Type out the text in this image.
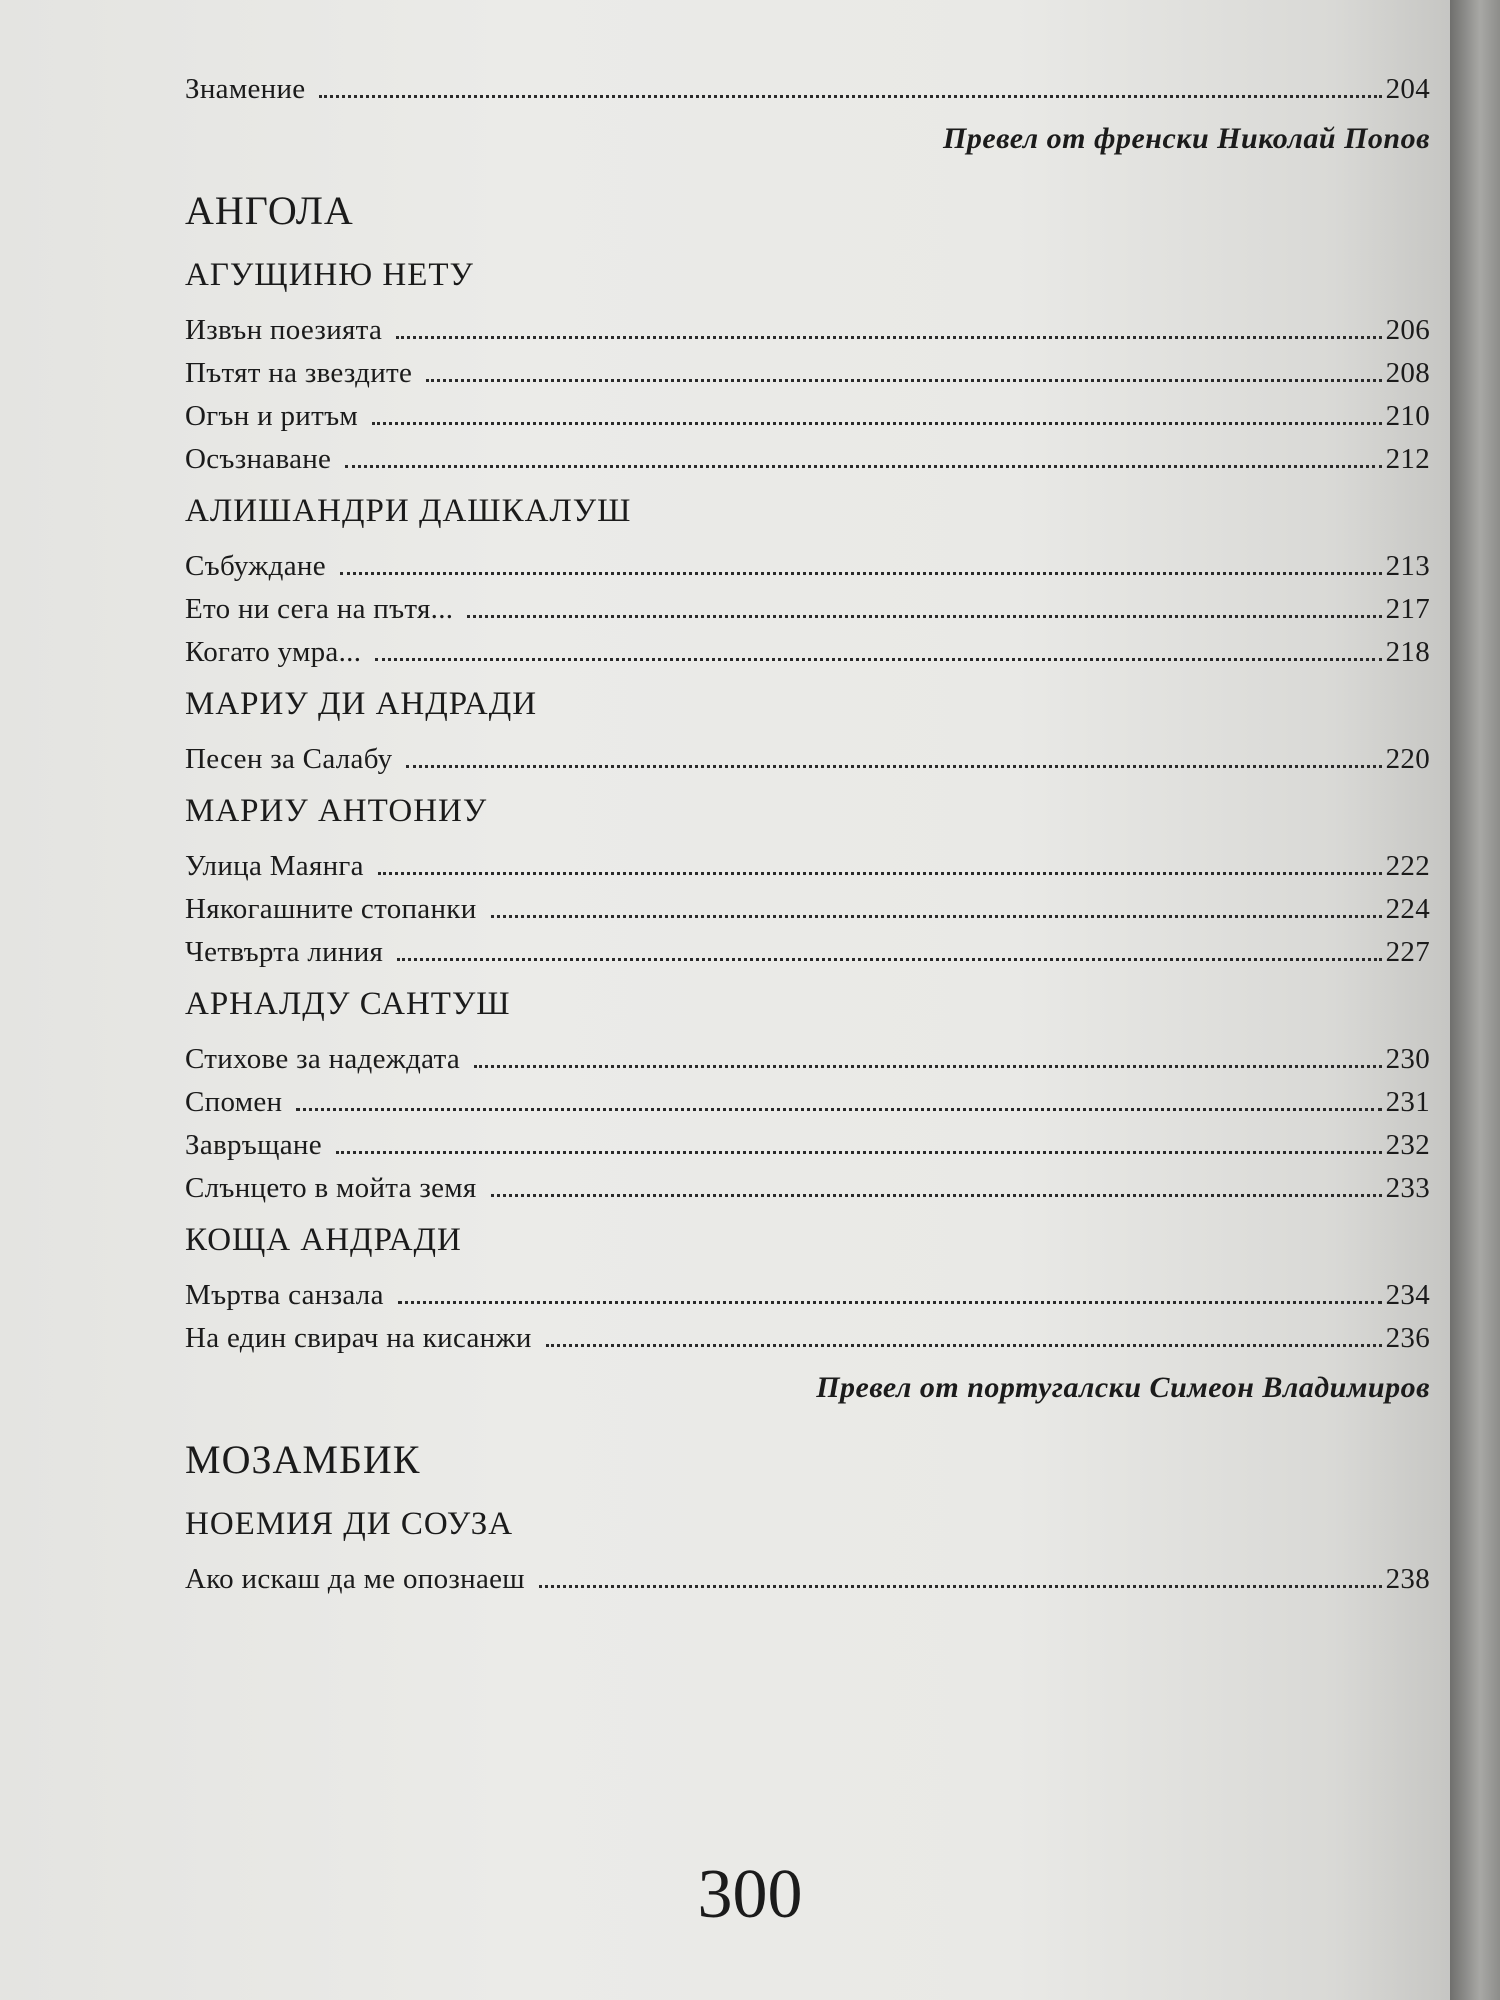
Знамение	204
Превел от френски Николай Попов
АНГОЛА
АГУЩИНЮ НЕТУ
Извън поезията	206
Пътят на звездите	208
Огън и ритъм	210
Осъзнаване	212
АЛИШАНДРИ ДАШКАЛУШ
Събуждане	213
Ето ни сега на пътя...	217
Когато умра...	218
МАРИУ ДИ АНДРАДИ
Песен за Салабу	220
МАРИУ АНТОНИУ
Улица Маянга	222
Някогашните стопанки	224
Четвърта линия	227
АРНАЛДУ САНТУШ
Стихове за надеждата	230
Спомен	231
Завръщане	232
Слънцето в мойта земя	233
КОЩА АНДРАДИ
Мъртва санзала	234
На един свирач на кисанжи	236
Превел от португалски Симеон Владимиров
МОЗАМБИК
НОЕМИЯ ДИ СОУЗА
Ако искаш да ме опознаеш	238
300
